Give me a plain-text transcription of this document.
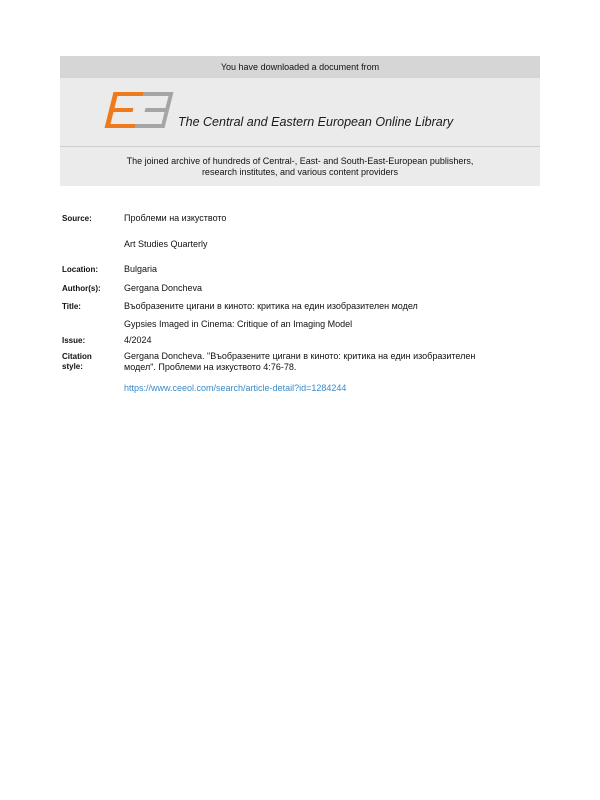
You have downloaded a document from
The Central and Eastern European Online Library
The joined archive of hundreds of Central-, East- and South-East-European publishers,
research institutes, and various content providers
Source:	Проблеми на изкуството
Art Studies Quarterly
Location:	Bulgaria
Author(s):	Gergana Doncheva
Title:	Въобразените цигани в киното: критика на един изобразителен модел
Gypsies Imaged in Cinema: Critique of an Imaging Model
Issue:	4/2024
Citation
style:
Gergana Doncheva. "Въобразените цигани в киното: критика на един изобразителен
модел". Проблеми на изкуството 4:76-78.
https://www.ceeol.com/search/article-detail?id=1284244
